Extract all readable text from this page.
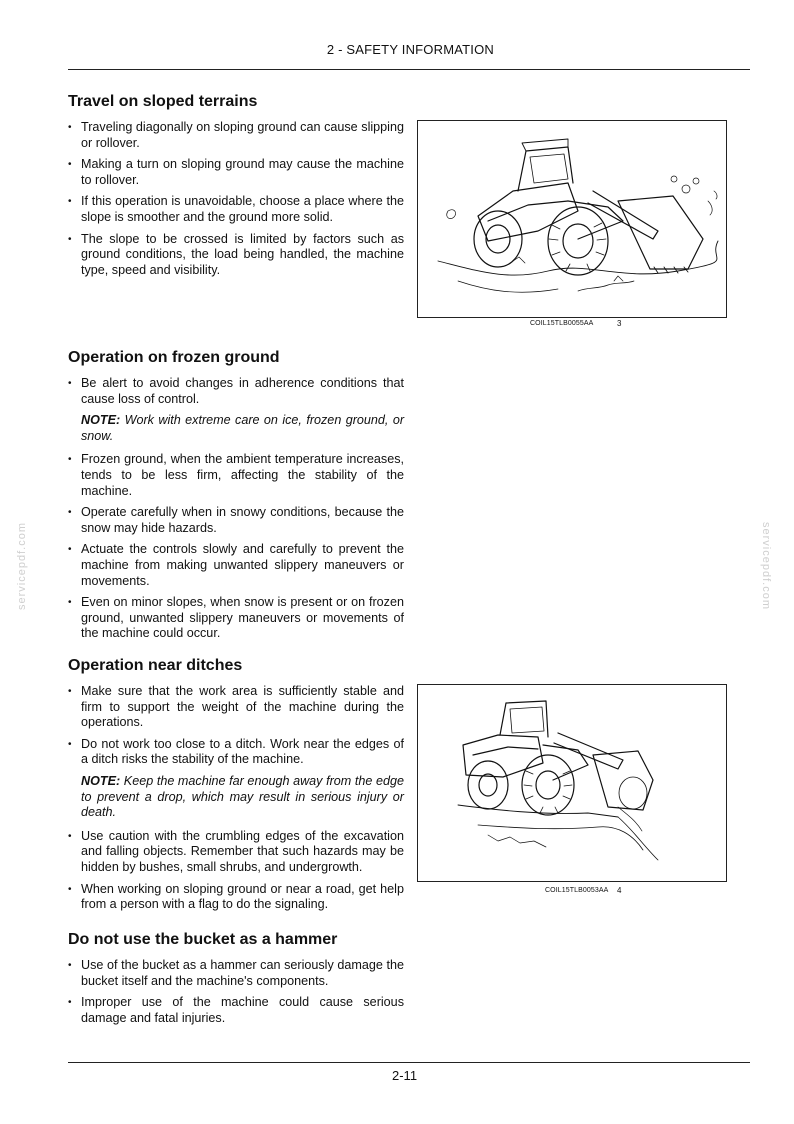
2 - SAFETY INFORMATION
servicepdf.com	servicepdf.com
Travel on sloped terrains
• Traveling diagonally on sloping ground can cause slipping or rollover.
• Making a turn on sloping ground may cause the machine to rollover.
• If this operation is unavoidable, choose a place where the slope is smoother and the ground more solid.
• The slope to be crossed is limited by factors such as ground conditions, the load being handled, the machine type, speed and visibility.
Operation on frozen ground
• Be alert to avoid changes in adherence conditions that cause loss of control.
NOTE: Work with extreme care on ice, frozen ground, or snow.
• Frozen ground, when the ambient temperature increases, tends to be less firm, affecting the stability of the machine.
• Operate carefully when in snowy conditions, because the snow may hide hazards.
• Actuate the controls slowly and carefully to prevent the machine from making unwanted slippery maneuvers or movements.
• Even on minor slopes, when snow is present or on frozen ground, unwanted slippery maneuvers or movements of the machine could occur.
Operation near ditches
• Make sure that the work area is sufficiently stable and firm to support the weight of the machine during the operations.
• Do not work too close to a ditch. Work near the edges of a ditch risks the stability of the machine.
NOTE: Keep the machine far enough away from the edge to prevent a drop, which may result in serious injury or death.
• Use caution with the crumbling edges of the excavation and falling objects. Remember that such hazards may be hidden by bushes, small shrubs, and undergrowth.
• When working on sloping ground or near a road, get help from a person with a flag to do the signaling.
Do not use the bucket as a hammer
• Use of the bucket as a hammer can seriously damage the bucket itself and the machine's components.
• Improper use of the machine could cause serious damage and fatal injuries.
COIL15TLB0055AA	3
COIL15TLB0053AA 4
2-11
